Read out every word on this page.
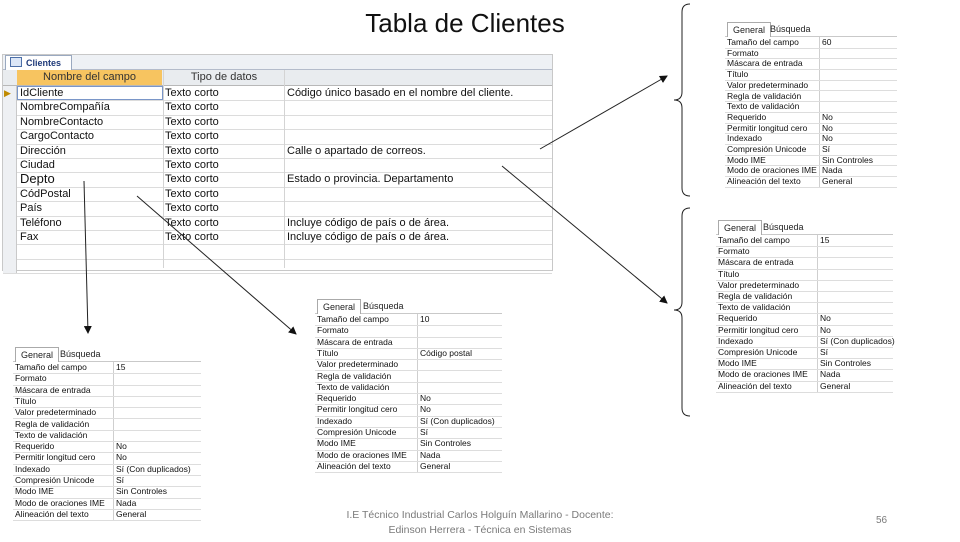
Tabla de Clientes
Clientes
Nombre del campo	Tipo de datos
▶ IdCliente	Texto corto	Código único basado en el nombre del cliente.
NombreCompañía	Texto corto
NombreContacto	Texto corto
CargoContacto	Texto corto
Dirección	Texto corto	Calle o apartado de correos.
Ciudad	Texto corto
Depto	Texto corto	Estado o provincia. Departamento
CódPostal	Texto corto
País	Texto corto
Teléfono	Texto corto	Incluye código de país o de área.
Fax	Texto corto	Incluye código de país o de área.
General Búsqueda
Tamaño del campo	60
Formato
Máscara de entrada
Título
Valor predeterminado
Regla de validación
Texto de validación
Requerido	No
Permitir longitud cero No
Indexado	No
Compresión Unicode Sí
Modo IME	Sin Controles
Modo de oraciones IME Nada
Alineación del texto	General
General Búsqueda
Tamaño del campo	15
Formato
Máscara de entrada
Título
Valor predeterminado
Regla de validación
Texto de validación
Requerido	No
Permitir longitud cero	No
Indexado	Sí (Con duplicados)
Compresión Unicode	Sí
Modo IME	Sin Controles
Modo de oraciones IME Nada
Alineación del texto	General
General Búsqueda
Tamaño del campo	15
Formato
Máscara de entrada
Título
Valor predeterminado
Regla de validación
Texto de validación
Requerido	No
Permitir longitud cero No
Indexado	Sí (Con duplicados)
Compresión Unicode	Sí
Modo IME	Sin Controles
Modo de oraciones IME Nada
Alineación del texto	General
General Búsqueda
Tamaño del campo	10
Formato
Máscara de entrada
Título	Código postal
Valor predeterminado
Regla de validación
Texto de validación
Requerido	No
Permitir longitud cero	No
Indexado	Sí (Con duplicados)
Compresión Unicode	Sí
Modo IME	Sin Controles
Modo de oraciones IME Nada
Alineación del texto	General
I.E Técnico Industrial Carlos Holguín Mallarino - Docente:
Edinson Herrera - Técnica en Sistemas
56
